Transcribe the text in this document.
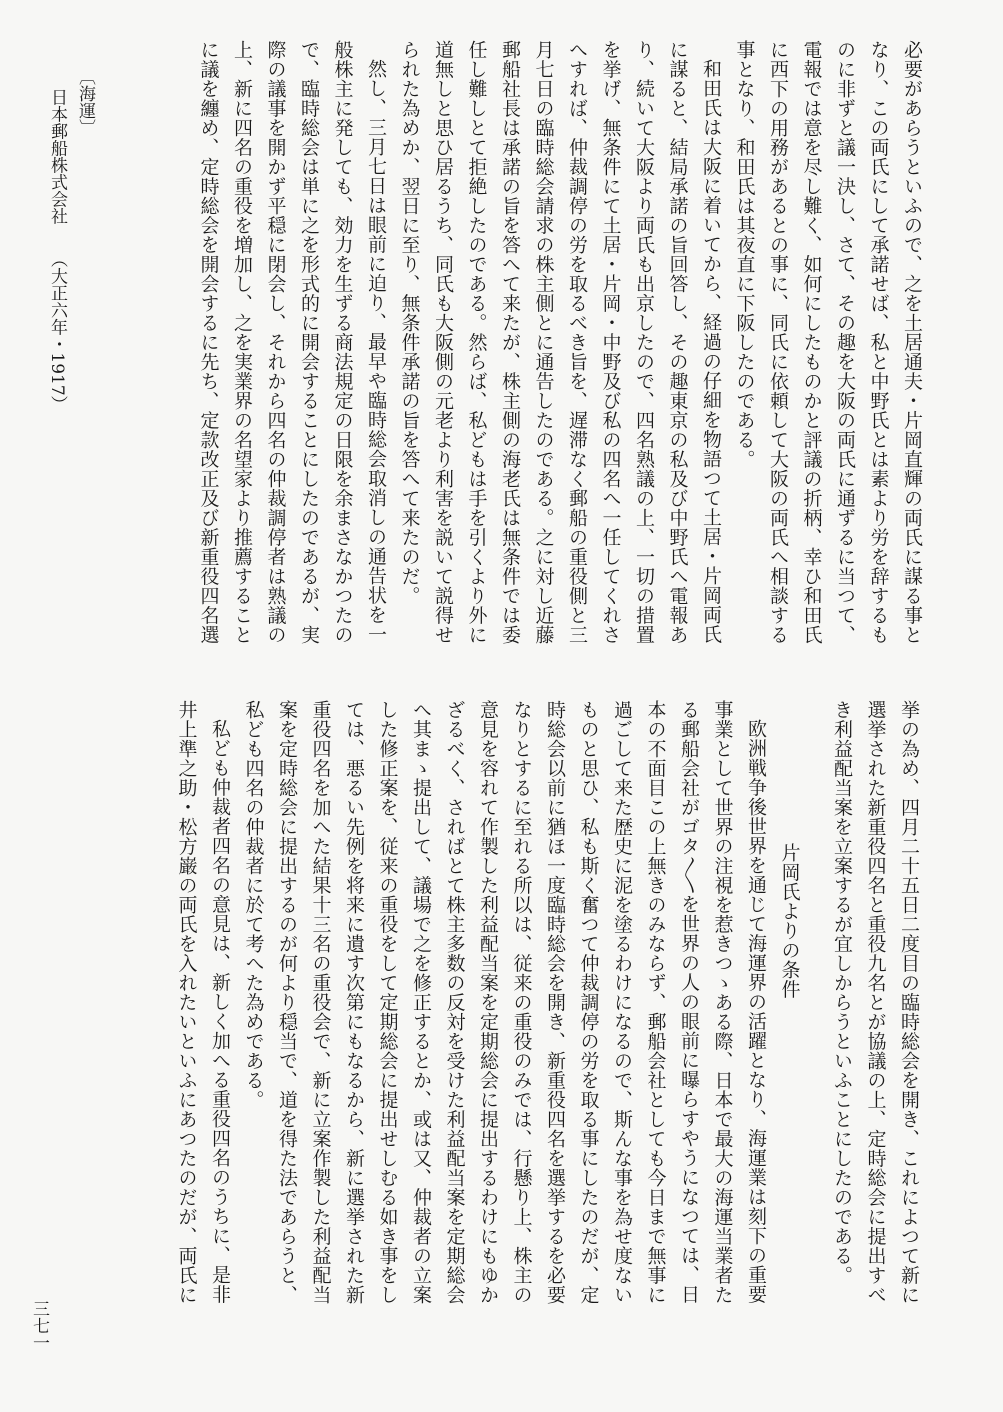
必要があらうといふので、之を土居通夫・片岡直輝の両氏に謀る事と
なり、この両氏にして承諾せば、私と中野氏とは素より労を辞するも
のに非ずと議一決し、さて、その趣を大阪の両氏に通ずるに当つて、
電報では意を尽し難く、如何にしたものかと評議の折柄、幸ひ和田氏
に西下の用務があるとの事に、同氏に依頼して大阪の両氏へ相談する
事となり、和田氏は其夜直に下阪したのである。
和田氏は大阪に着いてから、経過の仔細を物語つて土居・片岡両氏
に謀ると、結局承諾の旨回答し、その趣東京の私及び中野氏へ電報あ
り、続いて大阪より両氏も出京したので、四名熟議の上、一切の措置
を挙げ、無条件にて土居・片岡・中野及び私の四名へ一任してくれさ
へすれば、仲裁調停の労を取るべき旨を、遅滞なく郵船の重役側と三
月七日の臨時総会請求の株主側とに通告したのである。之に対し近藤
郵船社長は承諾の旨を答へて来たが、株主側の海老氏は無条件では委
任し難しとて拒絶したのである。然らば、私どもは手を引くより外に
道無しと思ひ居るうち、同氏も大阪側の元老より利害を説いて説得せ
られた為めか、翌日に至り、無条件承諾の旨を答へて来たのだ。
然し、三月七日は眼前に迫り、最早や臨時総会取消しの通告状を一
般株主に発しても、効力を生ずる商法規定の日限を余まさなかつたの
で、臨時総会は単に之を形式的に開会することにしたのであるが、実
際の議事を開かず平穏に閉会し、それから四名の仲裁調停者は熟議の
上、新に四名の重役を増加し、之を実業界の名望家より推薦すること
に議を纏め、定時総会を開会するに先ち、定款改正及び新重役四名選
挙の為め、四月二十五日二度目の臨時総会を開き、これによつて新に
選挙された新重役四名と重役九名とが協議の上、定時総会に提出すべ
き利益配当案を立案するが宜しからうといふことにしたのである。
片岡氏よりの条件
欧洲戦争後世界を通じて海運界の活躍となり、海運業は刻下の重要
事業として世界の注視を惹きつゝある際、日本で最大の海運当業者た
る郵船会社がゴタ〳〵を世界の人の眼前に曝らすやうになつては、日
本の不面目この上無きのみならず、郵船会社としても今日まで無事に
過ごして来た歴史に泥を塗るわけになるので、斯んな事を為せ度ない
ものと思ひ、私も斯く奮つて仲裁調停の労を取る事にしたのだが、定
時総会以前に猶ほ一度臨時総会を開き、新重役四名を選挙するを必要
なりとするに至れる所以は、従来の重役のみでは、行懸り上、株主の
意見を容れて作製した利益配当案を定期総会に提出するわけにもゆか
ざるべく、さればとて株主多数の反対を受けた利益配当案を定期総会
へ其まゝ提出して、議場で之を修正するとか、或は又、仲裁者の立案
した修正案を、従来の重役をして定期総会に提出せしむる如き事をし
ては、悪るい先例を将来に遺す次第にもなるから、新に選挙された新
重役四名を加へた結果十三名の重役会で、新に立案作製した利益配当
案を定時総会に提出するのが何より穏当で、道を得た法であらうと、
私ども四名の仲裁者に於て考へた為めである。
私ども仲裁者四名の意見は、新しく加へる重役四名のうちに、是非
井上準之助・松方巌の両氏を入れたいといふにあつたのだが、両氏に
〔海運〕
日本郵船株式会社 （大正六年・1917）
三七一
